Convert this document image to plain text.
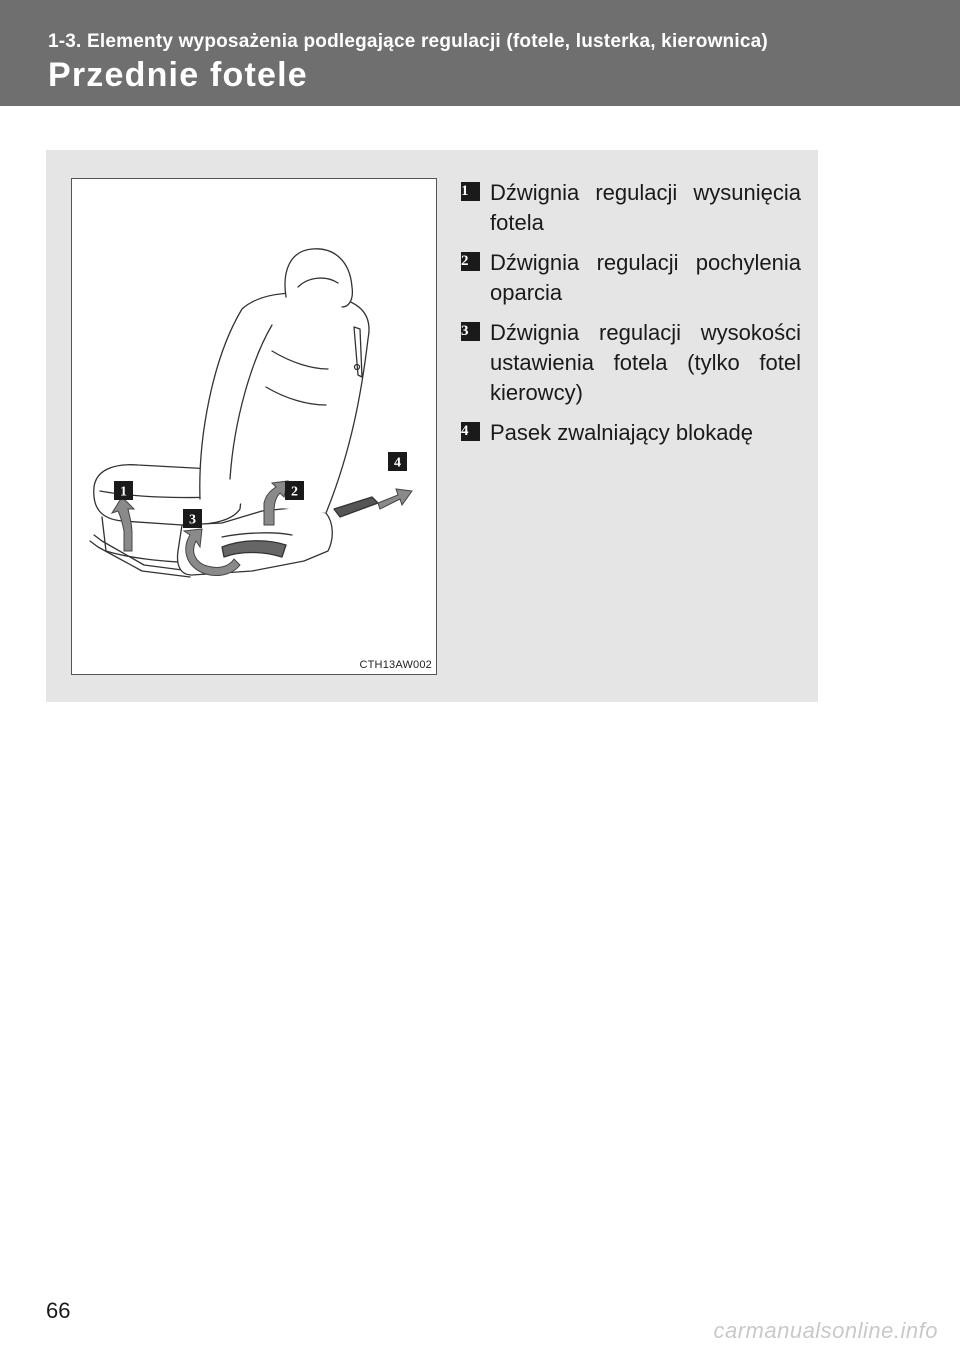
1-3. Elementy wyposażenia podlegające regulacji (fotele, lusterka, kierownica)
Przednie fotele
1	2
3
4
CTH13AW002
1 Dźwignia regulacji wysunięcia fotela
2 Dźwignia regulacji pochylenia oparcia
3 Dźwignia regulacji wysokości ustawienia fotela (tylko fotel kierowcy)
4 Pasek zwalniający blokadę
66
carmanualsonline.info
